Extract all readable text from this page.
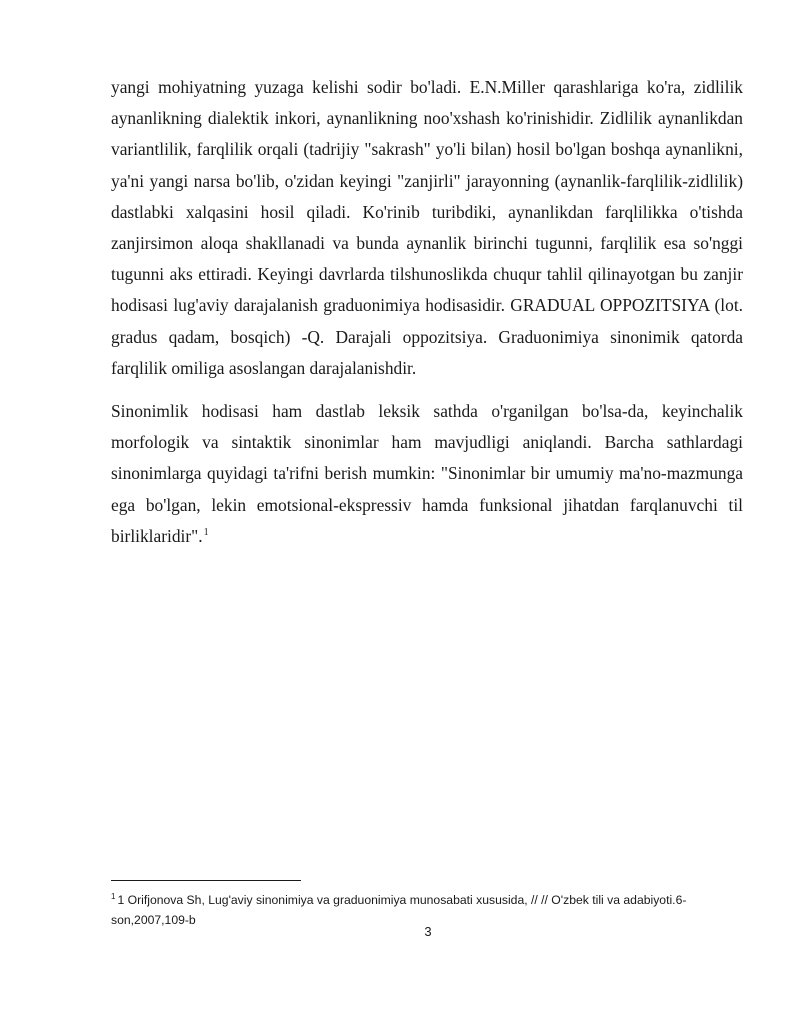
yangi mohiyatning yuzaga kelishi sodir bo'ladi. E.N.Miller qarashlariga ko'ra, zidlilik aynanlikning dialektik inkori, aynanlikning noo'xshash ko'rinishidir. Zidlilik aynanlikdan variantlilik, farqlilik orqali (tadrijiy "sakrash" yo'li bilan) hosil bo'lgan boshqa aynanlikni, ya'ni yangi narsa bo'lib, o'zidan keyingi "zanjirli" jarayonning (aynanlik-farqlilik-zidlilik) dastlabki xalqasini hosil qiladi. Ko'rinib turibdiki, aynanlikdan farqlilikka o'tishda zanjirsimon aloqa shakllanadi va bunda aynanlik birinchi tugunni, farqlilik esa so'nggi tugunni aks ettiradi. Keyingi davrlarda tilshunoslikda chuqur tahlil qilinayotgan bu zanjir hodisasi lug'aviy darajalanish graduonimiya hodisasidir. GRADUAL OPPOZITSIYA (lot. gradus qadam, bosqich) -Q. Darajali oppozitsiya. Graduonimiya sinonimik qatorda farqlilik omiliga asoslangan darajalanishdir.

Sinonimlik hodisasi ham dastlab leksik sathda o'rganilgan bo'lsa-da, keyinchalik morfologik va sintaktik sinonimlar ham mavjudligi aniqlandi. Barcha sathlardagi sinonimlarga quyidagi ta'rifni berish mumkin: "Sinonimlar bir umumiy ma'no-mazmunga ega bo'lgan, lekin emotsional-ekspressiv hamda funksional jihatdan farqlanuvchi til birliklaridir".$^1$

$^1$ 1 Orifjonova Sh, Lug'aviy sinonimiya va graduonimiya munosabati xususida, // // O'zbek tili va adabiyoti.6-son,2007,109-b
3
